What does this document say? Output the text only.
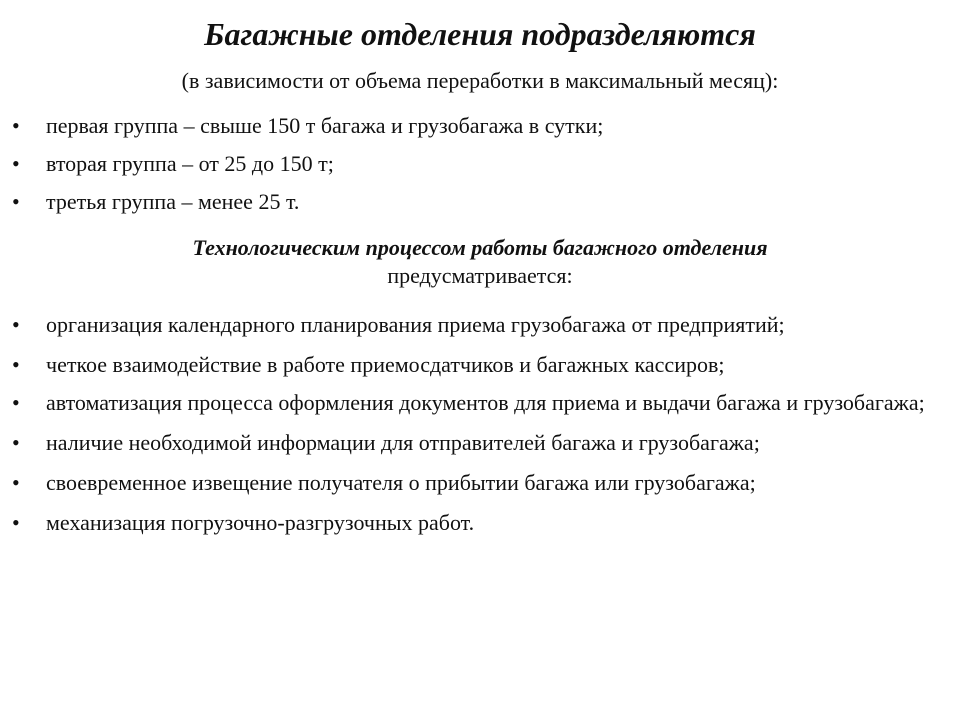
Багажные отделения подразделяются
(в зависимости от объема переработки в максимальный месяц):
• первая группа – свыше 150 т багажа и грузобагажа в сутки;
• вторая группа – от 25 до 150 т;
• третья группа – менее 25 т.
Технологическим процессом работы багажного отделения
предусматривается:
• организация календарного планирования приема грузобагажа от предприятий;
• четкое взаимодействие в работе приемосдатчиков и багажных кассиров;
• автоматизация процесса оформления документов для приема и выдачи багажа и грузобагажа;
• наличие необходимой информации для отправителей багажа и грузобагажа;
• своевременное извещение получателя о прибытии багажа или грузобагажа;
• механизация погрузочно-разгрузочных работ.
